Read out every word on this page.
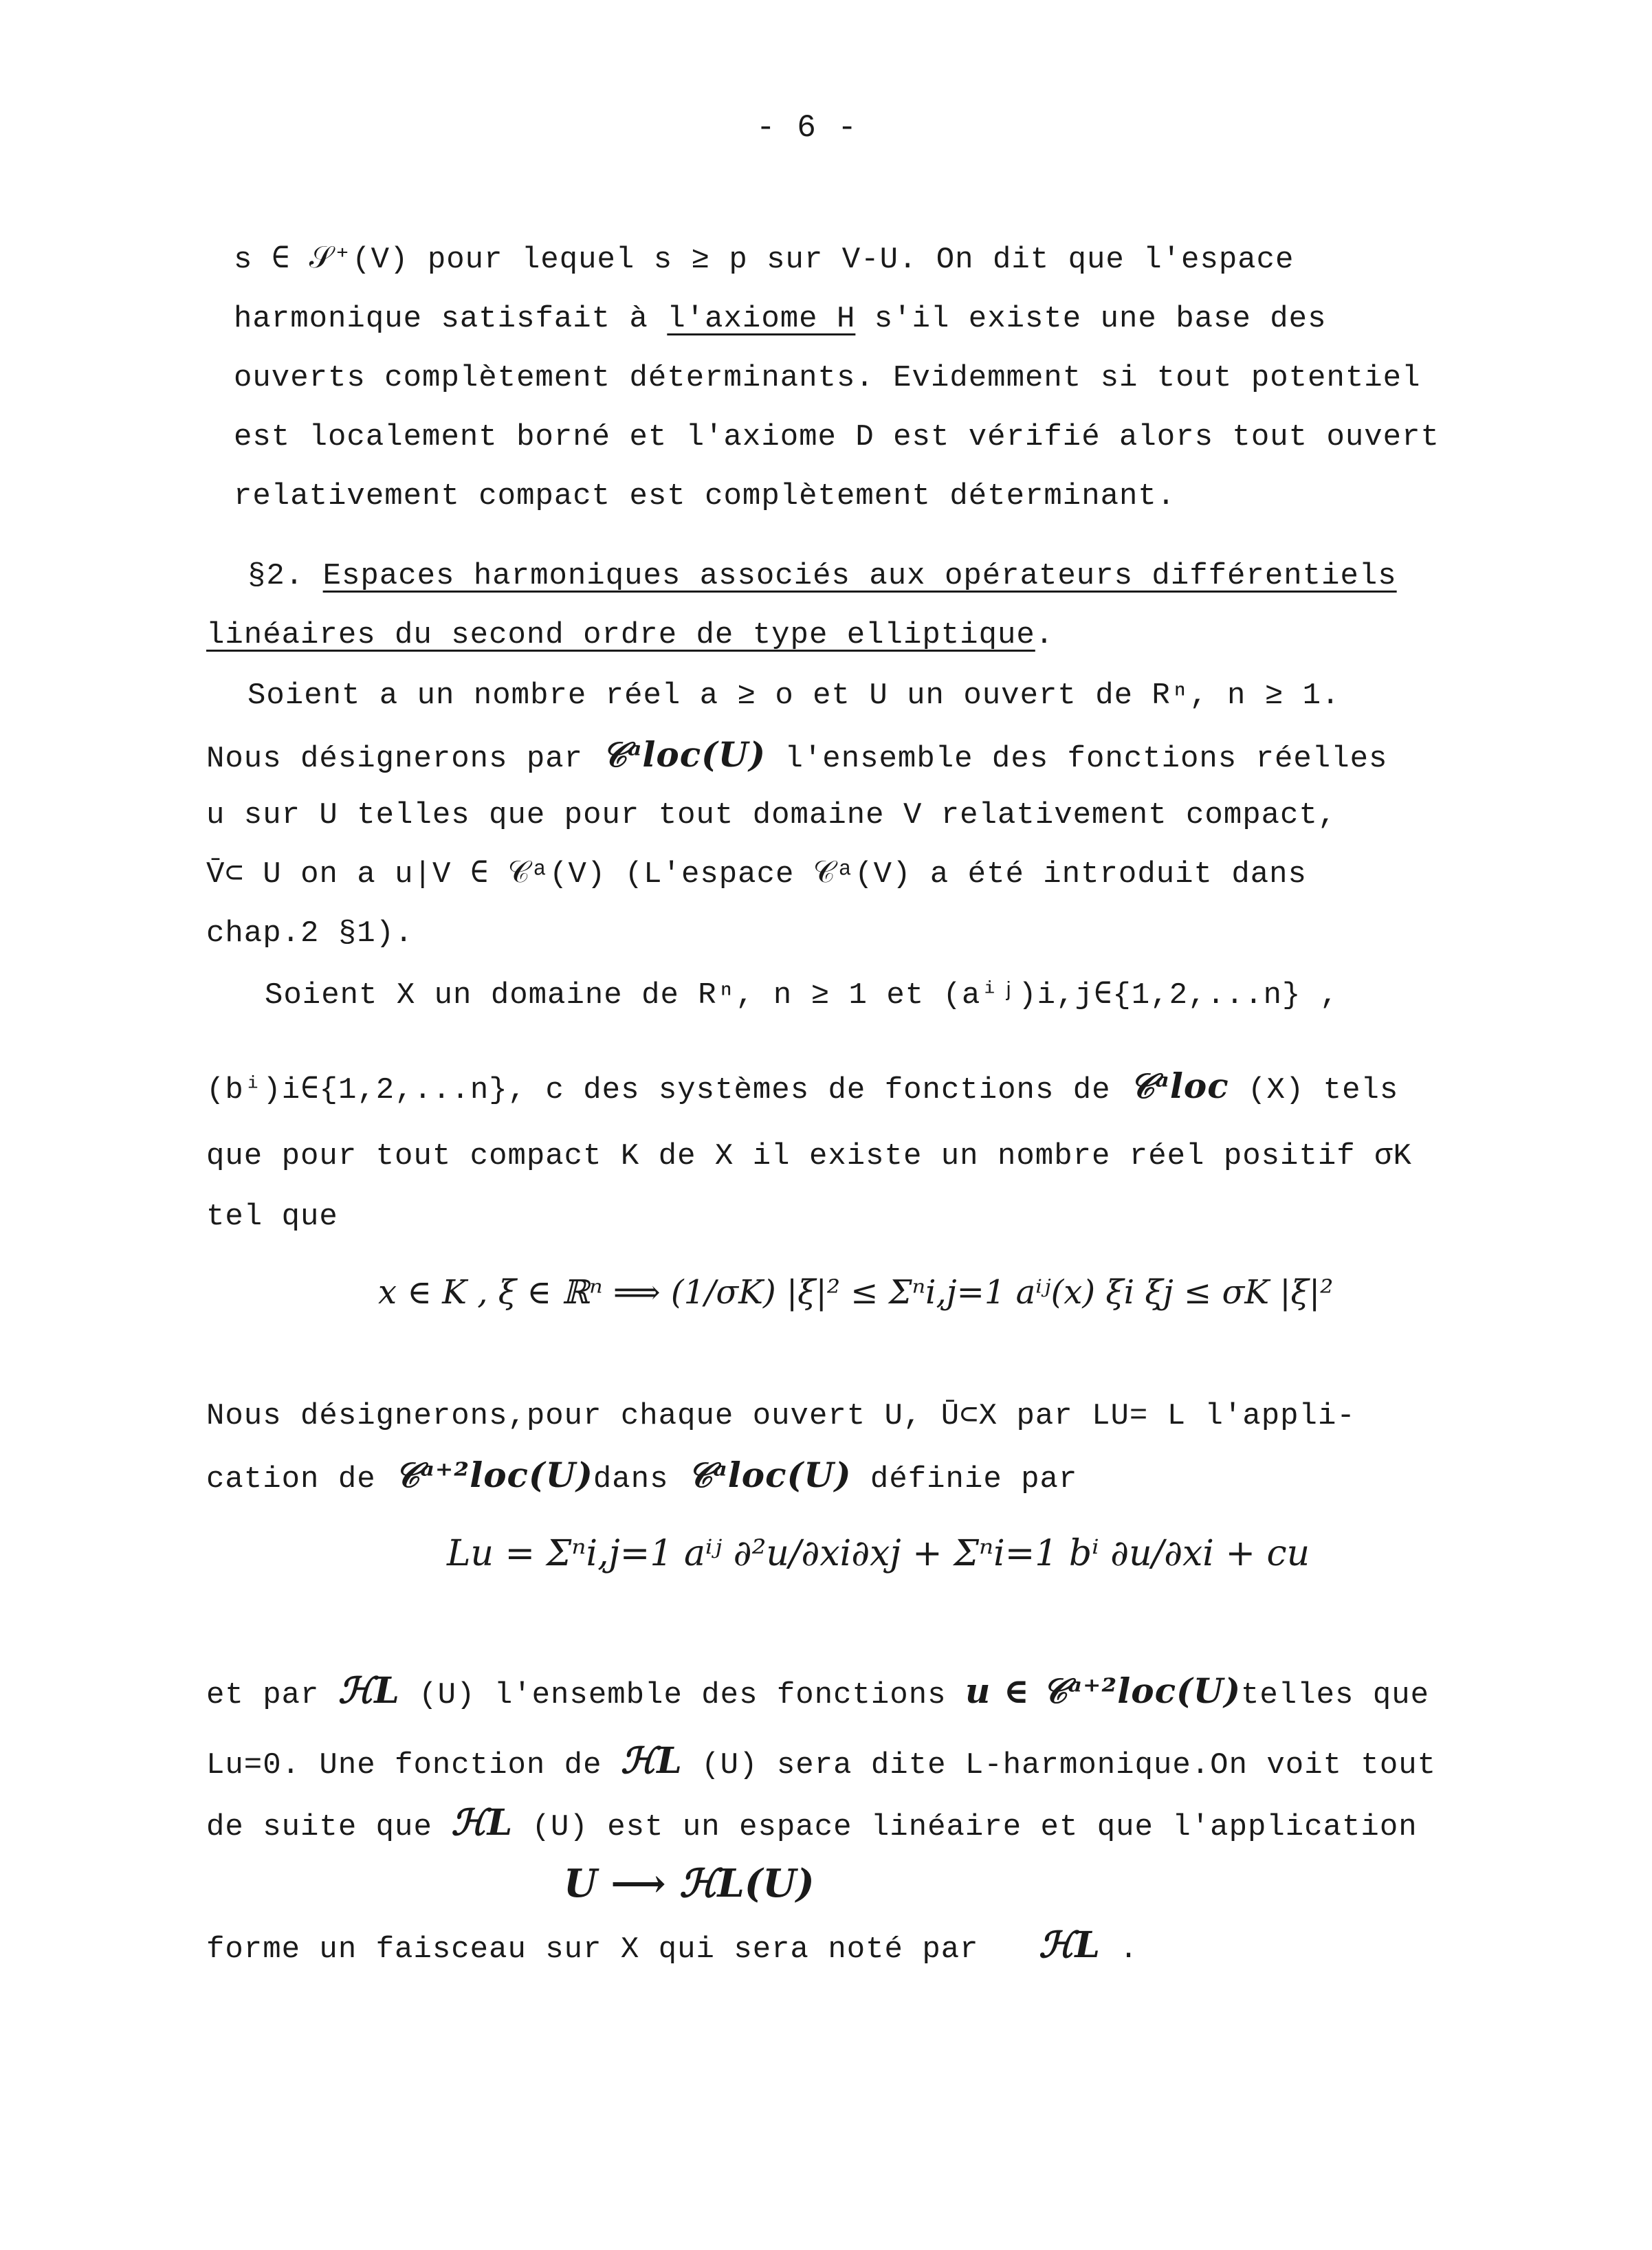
- 6 -
s ∈ 𝒮⁺(V) pour lequel s ≥ p sur V-U. On dit que l'espace
harmonique satisfait à l'axiome H s'il existe une base des
ouverts complètement déterminants. Evidemment si tout potentiel
est localement borné et l'axiome D est vérifié alors tout ouvert
relativement compact est complètement déterminant.
§2. Espaces harmoniques associés aux opérateurs différentiels
linéaires du second ordre de type elliptique.
Soient a un nombre réel a ≥ o et U un ouvert de Rⁿ, n ≥ 1.
Nous désignerons par 𝒞ᵃloc(U) l'ensemble des fonctions réelles
u sur U telles que pour tout domaine V relativement compact,
V̄⊂ U on a u|V ∈ 𝒞ᵃ(V) (L'espace 𝒞ᵃ(V) a été introduit dans
chap.2 §1).
Soient X un domaine de Rⁿ, n ≥ 1 et (aⁱʲ)i,j∈{1,2,...n} ,
(bⁱ)i∈{1,2,...n}, c des systèmes de fonctions de 𝒞ᵃloc (X) tels
que pour tout compact K de X il existe un nombre réel positif σK
tel que
x ∈ K , ξ ∈ ℝⁿ ⟹ (1/σK) |ξ|² ≤ Σⁿi,j=1 aⁱʲ(x) ξi ξj ≤ σK |ξ|²
Nous désignerons,pour chaque ouvert U, Ū⊂X par LU= L l'appli-
cation de 𝒞ᵃ⁺²loc(U)dans 𝒞ᵃloc(U) définie par
Lu = Σⁿi,j=1 aⁱʲ ∂²u/∂xi∂xj + Σⁿi=1 bⁱ ∂u/∂xi + cu
et par ℋL (U) l'ensemble des fonctions u ∈ 𝒞ᵃ⁺²loc(U)telles que
Lu=0. Une fonction de ℋL (U) sera dite L-harmonique.On voit tout
de suite que ℋL (U) est un espace linéaire et que l'application
U ⟶ ℋL(U)
forme un faisceau sur X qui sera noté par ℋL .
